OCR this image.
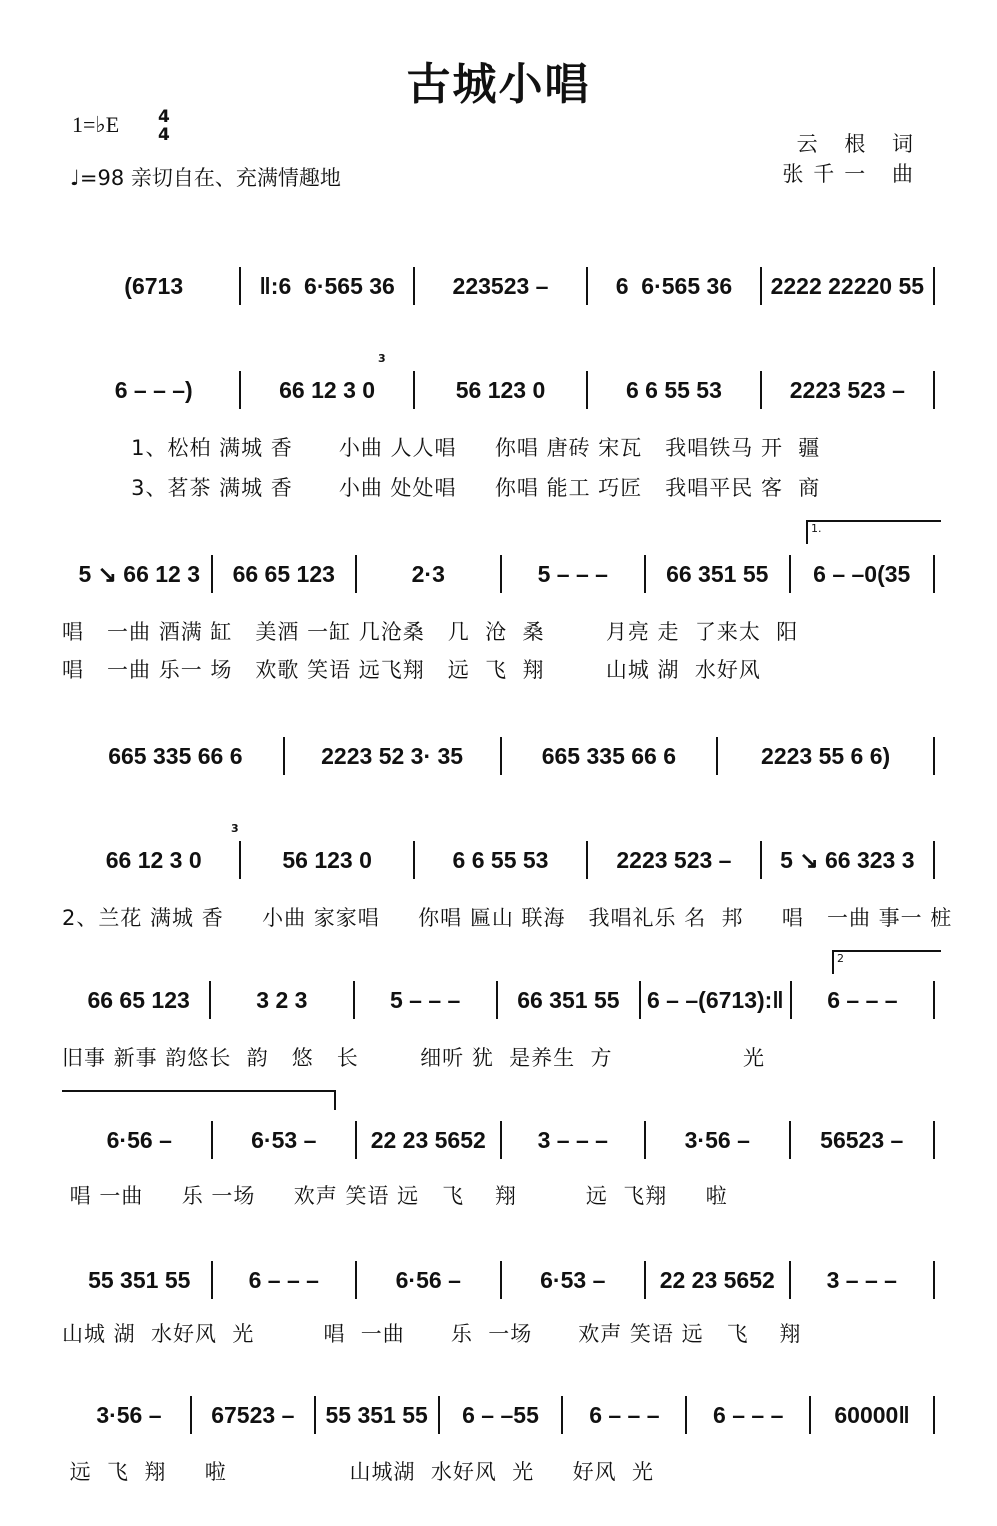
古城小唱
1=♭E 4
4
♩=98 亲切自在、充满情趣地
云 根 词
张千一 曲
(6713	‖:6  6·565 36	223523 –	6  6·565 36	2222 22220 55
6 – – –)	66 12 3 0	56 123 0	6 6 55 53	2223 523 –
5 ↘ 66 12 3	66 65 123	2·3	5 – – –	66 351 55	6 – –0(35
665 335 66 6	2223 52 3· 35	665 335 66 6	2223 55 6 6)
66 12 3 0	56 123 0	6 6 55 53	2223 523 –	5 ↘ 66 323 3
66 65 123	3 2 3	5 – – –	66 351 55	6 – –(6713):‖	6 – – –
6·56 –	6·53 –	22 23 5652	3 – – –	3·56 –	56523 –
55 351 55	6 – – –	6·56 –	6·53 –	22 23 5652	3 – – –
3·56 –	67523 –	55 351 55	6 – –55	6 – – –	6 – – –	60000‖
1、松柏 满城 香      小曲 人人唱     你唱 唐砖 宋瓦   我唱铁马 开  疆
3、茗茶 满城 香      小曲 处处唱     你唱 能工 巧匠   我唱平民 客  商
唱   一曲 酒满 缸   美酒 一缸 几沧桑   几  沧  桑        月亮 走  了来太  阳
唱   一曲 乐一 场   欢歌 笑语 远飞翔   远  飞  翔        山城 湖  水好风
2、兰花 满城 香     小曲 家家唱     你唱 匾山 联海   我唱礼乐 名  邦     唱   一曲 事一 桩
旧事 新事 韵悠长  韵   悠   长        细听 犹  是养生  方                 光
唱 一曲     乐 一场     欢声 笑语 远   飞    翔         远  飞翔     啦
山城 湖  水好风  光         唱  一曲      乐  一场      欢声 笑语 远   飞    翔
远  飞  翔     啦                山城湖  水好风  光     好风  光
1.
2
3
3
